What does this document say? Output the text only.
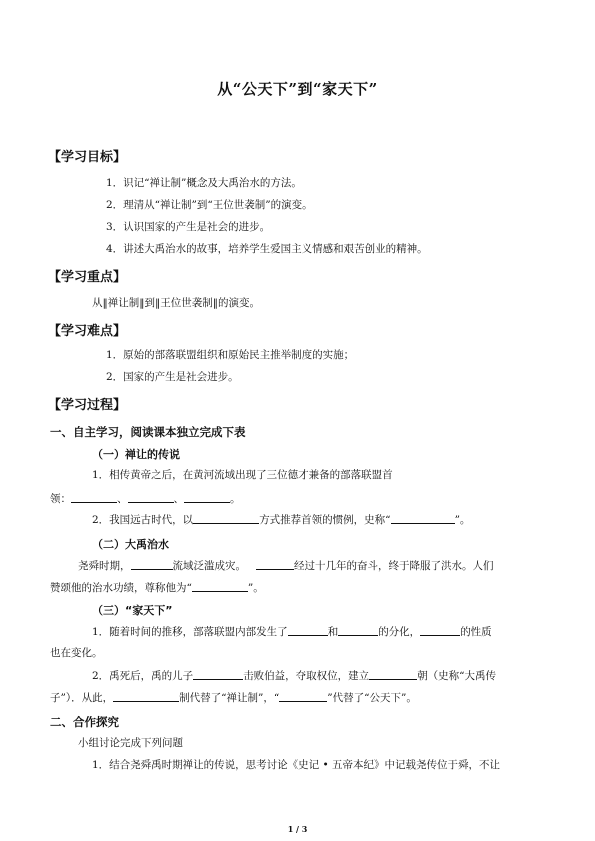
从“公天下”到“家天下”
【学习目标】
1．识记“禅让制”概念及大禹治水的方法。
2．理清从“禅让制”到“王位世袭制”的演变。
3．认识国家的产生是社会的进步。
4．讲述大禹治水的故事，培养学生爱国主义情感和艰苦创业的精神。
【学习重点】
从‖禅让制‖到‖王位世袭制‖的演变。
【学习难点】
1．原始的部落联盟组织和原始民主推举制度的实施；
2．国家的产生是社会进步。
【学习过程】
一、自主学习，阅读课本独立完成下表
（一）禅让的传说
1．相传黄帝之后，在黄河流域出现了三位德才兼备的部落联盟首
领：	、	、	。
2．我国远古时代，以	方式推荐首领的惯例，史称“	”。
（二）大禹治水
尧舜时期，	流域泛滥成灾。	经过十几年的奋斗，终于降服了洪水。人们
赞颂他的治水功绩，尊称他为“	”。
（三）“家天下”
1．随着时间的推移，部落联盟内部发生了	和	的分化，	的性质
也在变化。
2．禹死后，禹的儿子	击败伯益，夺取权位，建立	朝（史称“大禹传
子”）．从此，	制代替了“禅让制”，“	”代替了“公天下”。
二、合作探究
小组讨论完成下列问题
1．结合尧舜禹时期禅让的传说，思考讨论《史记 • 五帝本纪》中记载尧传位于舜，不让
1 / 3
